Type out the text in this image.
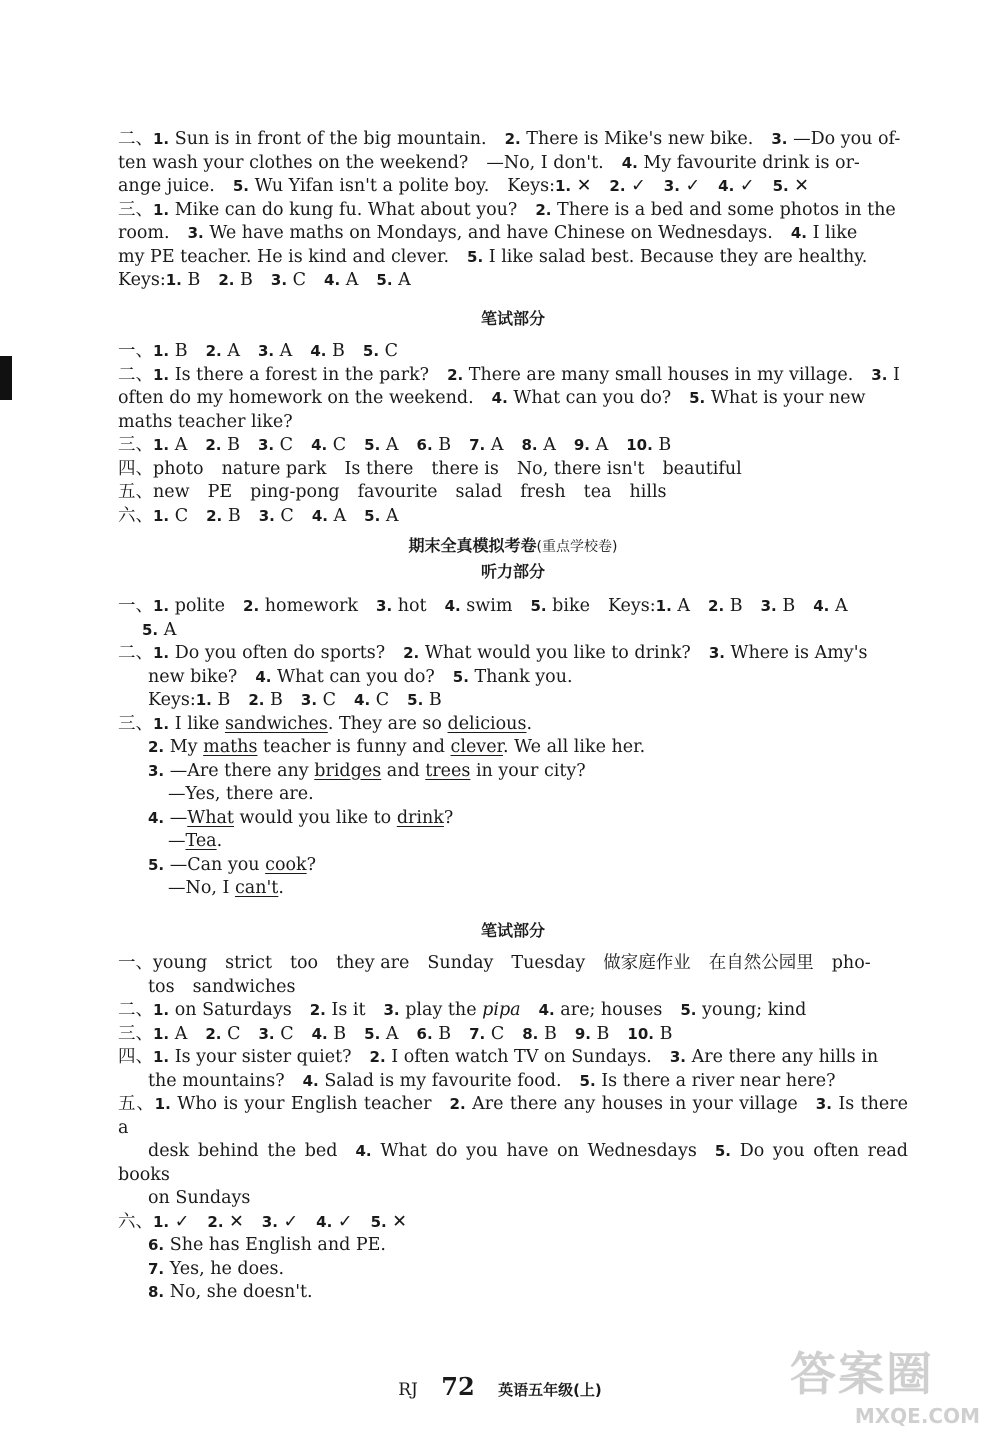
二、1. Sun is in front of the big mountain. 2. There is Mike's new bike. 3. —Do you of-
ten wash your clothes on the weekend? —No, I don't. 4. My favourite drink is or-
ange juice. 5. Wu Yifan isn't a polite boy. Keys:1. ✕ 2. ✓ 3. ✓ 4. ✓ 5. ✕

三、1. Mike can do kung fu. What about you? 2. There is a bed and some photos in the
room. 3. We have maths on Mondays, and have Chinese on Wednesdays. 4. I like
my PE teacher. He is kind and clever. 5. I like salad best. Because they are healthy.
Keys:1. B 2. B 3. C 4. A 5. A

笔试部分

一、1. B 2. A 3. A 4. B 5. C

二、1. Is there a forest in the park? 2. There are many small houses in my village. 3. I
often do my homework on the weekend. 4. What can you do? 5. What is your new
maths teacher like?

三、1. A 2. B 3. C 4. C 5. A 6. B 7. A 8. A 9. A 10. B

四、photo nature park Is there there is No, there isn't beautiful

五、new PE ping-pong favourite salad fresh tea hills

六、1. C 2. B 3. C 4. A 5. A

期末全真模拟考卷(重点学校卷)
听力部分

一、1. polite 2. homework 3. hot 4. swim 5. bike Keys:1. A 2. B 3. B 4. A
5. A

二、1. Do you often do sports? 2. What would you like to drink? 3. Where is Amy's
new bike? 4. What can you do? 5. Thank you.
Keys:1. B 2. B 3. C 4. C 5. B

三、1. I like sandwiches. They are so delicious.
2. My maths teacher is funny and clever. We all like her.
3. —Are there any bridges and trees in your city?
—Yes, there are.
4. —What would you like to drink?
—Tea.
5. —Can you cook?
—No, I can't.

笔试部分

一、young strict too they are Sunday Tuesday 做家庭作业 在自然公园里 pho-
tos sandwiches

二、1. on Saturdays 2. Is it 3. play the pipa 4. are; houses 5. young; kind

三、1. A 2. C 3. C 4. B 5. A 6. B 7. C 8. B 9. B 10. B

四、1. Is your sister quiet? 2. I often watch TV on Sundays. 3. Are there any hills in
the mountains? 4. Salad is my favourite food. 5. Is there a river near here?

五、1. Who is your English teacher 2. Are there any houses in your village 3. Is there a
desk behind the bed 4. What do you have on Wednesdays 5. Do you often read books
on Sundays

六、1. ✓ 2. ✕ 3. ✓ 4. ✓ 5. ✕
6. She has English and PE.
7. Yes, he does.
8. No, she doesn't.

RJ 72 英语五年级(上)	答案圈
MXQE.COM
